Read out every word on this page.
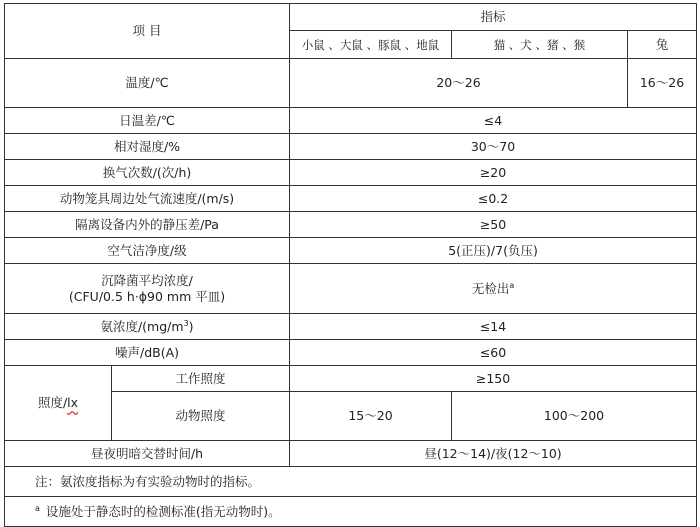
项 目		指标			
		小鼠 、大鼠 、豚鼠 、地鼠	猫 、犬 、猪 、猴	兔	
温度/℃		20～26		16～26	
日温差/℃		≤4			
相对湿度/%		30～70			
换气次数/(次/h)		≥20			
动物笼具周边处气流速度/(m/s)		≤0.2			
隔离设备内外的静压差/Pa		≥50			
空气洁净度/级		5(正压)/7(负压)			

沉降菌平均浓度/
(CFU/0.5 h·ϕ90 mm 平皿)		无检出$^a$
氨浓度$/(mg/m^3)$		≤14			
噪声/dB(A)		≤60			
照度/lx	工作照度	≥150			
	动物照度	15～20	100～200	
昼夜明暗交替时间/h		昼(12～14)/夜(12～10)			
注：氨浓度指标为有实验动物时的指标。					
$^a$ 设施处于静态时的检测标准(指无动物时)。					
